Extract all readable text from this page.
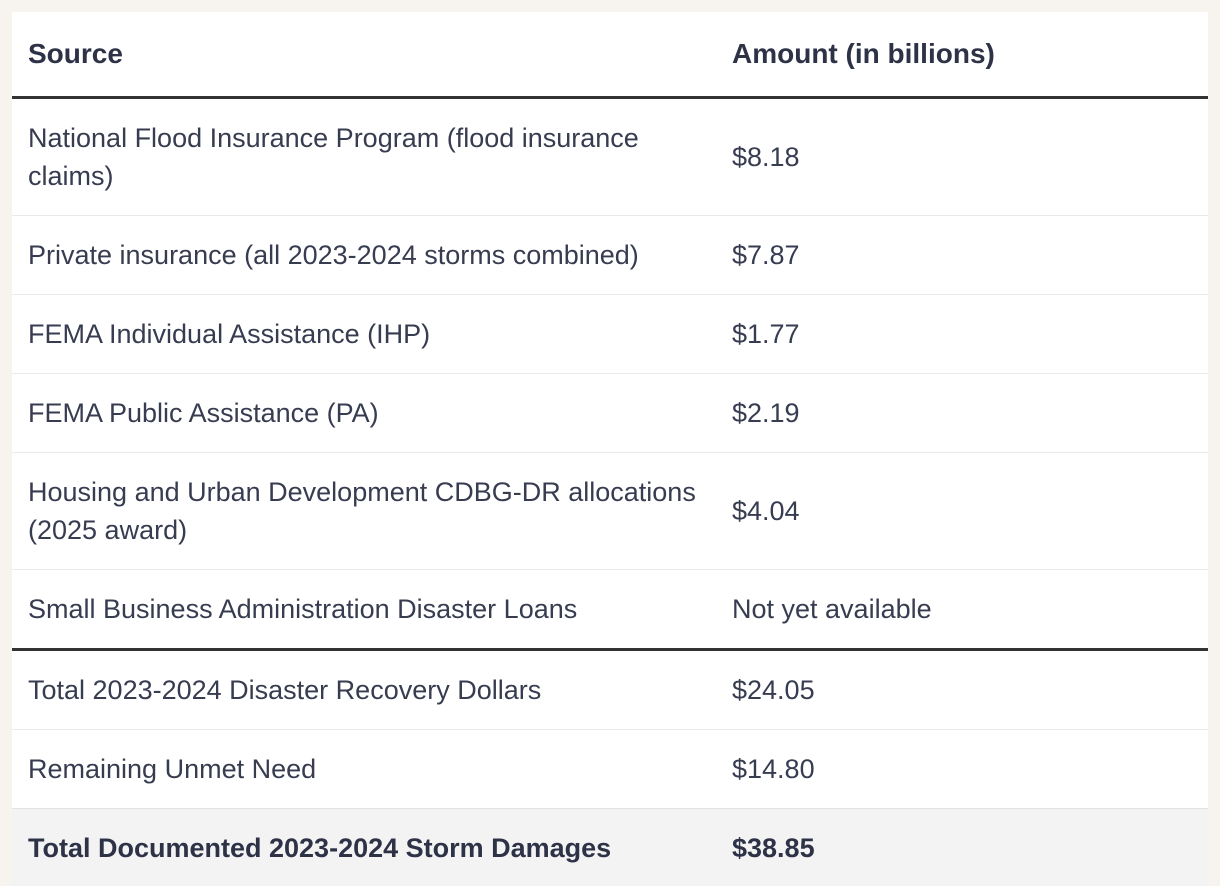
Source	Amount (in billions)
National Flood Insurance Program (flood insurance claims)	$8.18
Private insurance (all 2023-2024 storms combined)	$7.87
FEMA Individual Assistance (IHP)	$1.77
FEMA Public Assistance (PA)	$2.19
Housing and Urban Development CDBG-DR allocations (2025 award)	$4.04
Small Business Administration Disaster Loans	Not yet available
Total 2023-2024 Disaster Recovery Dollars	$24.05
Remaining Unmet Need	$14.80
Total Documented 2023-2024 Storm Damages	$38.85
